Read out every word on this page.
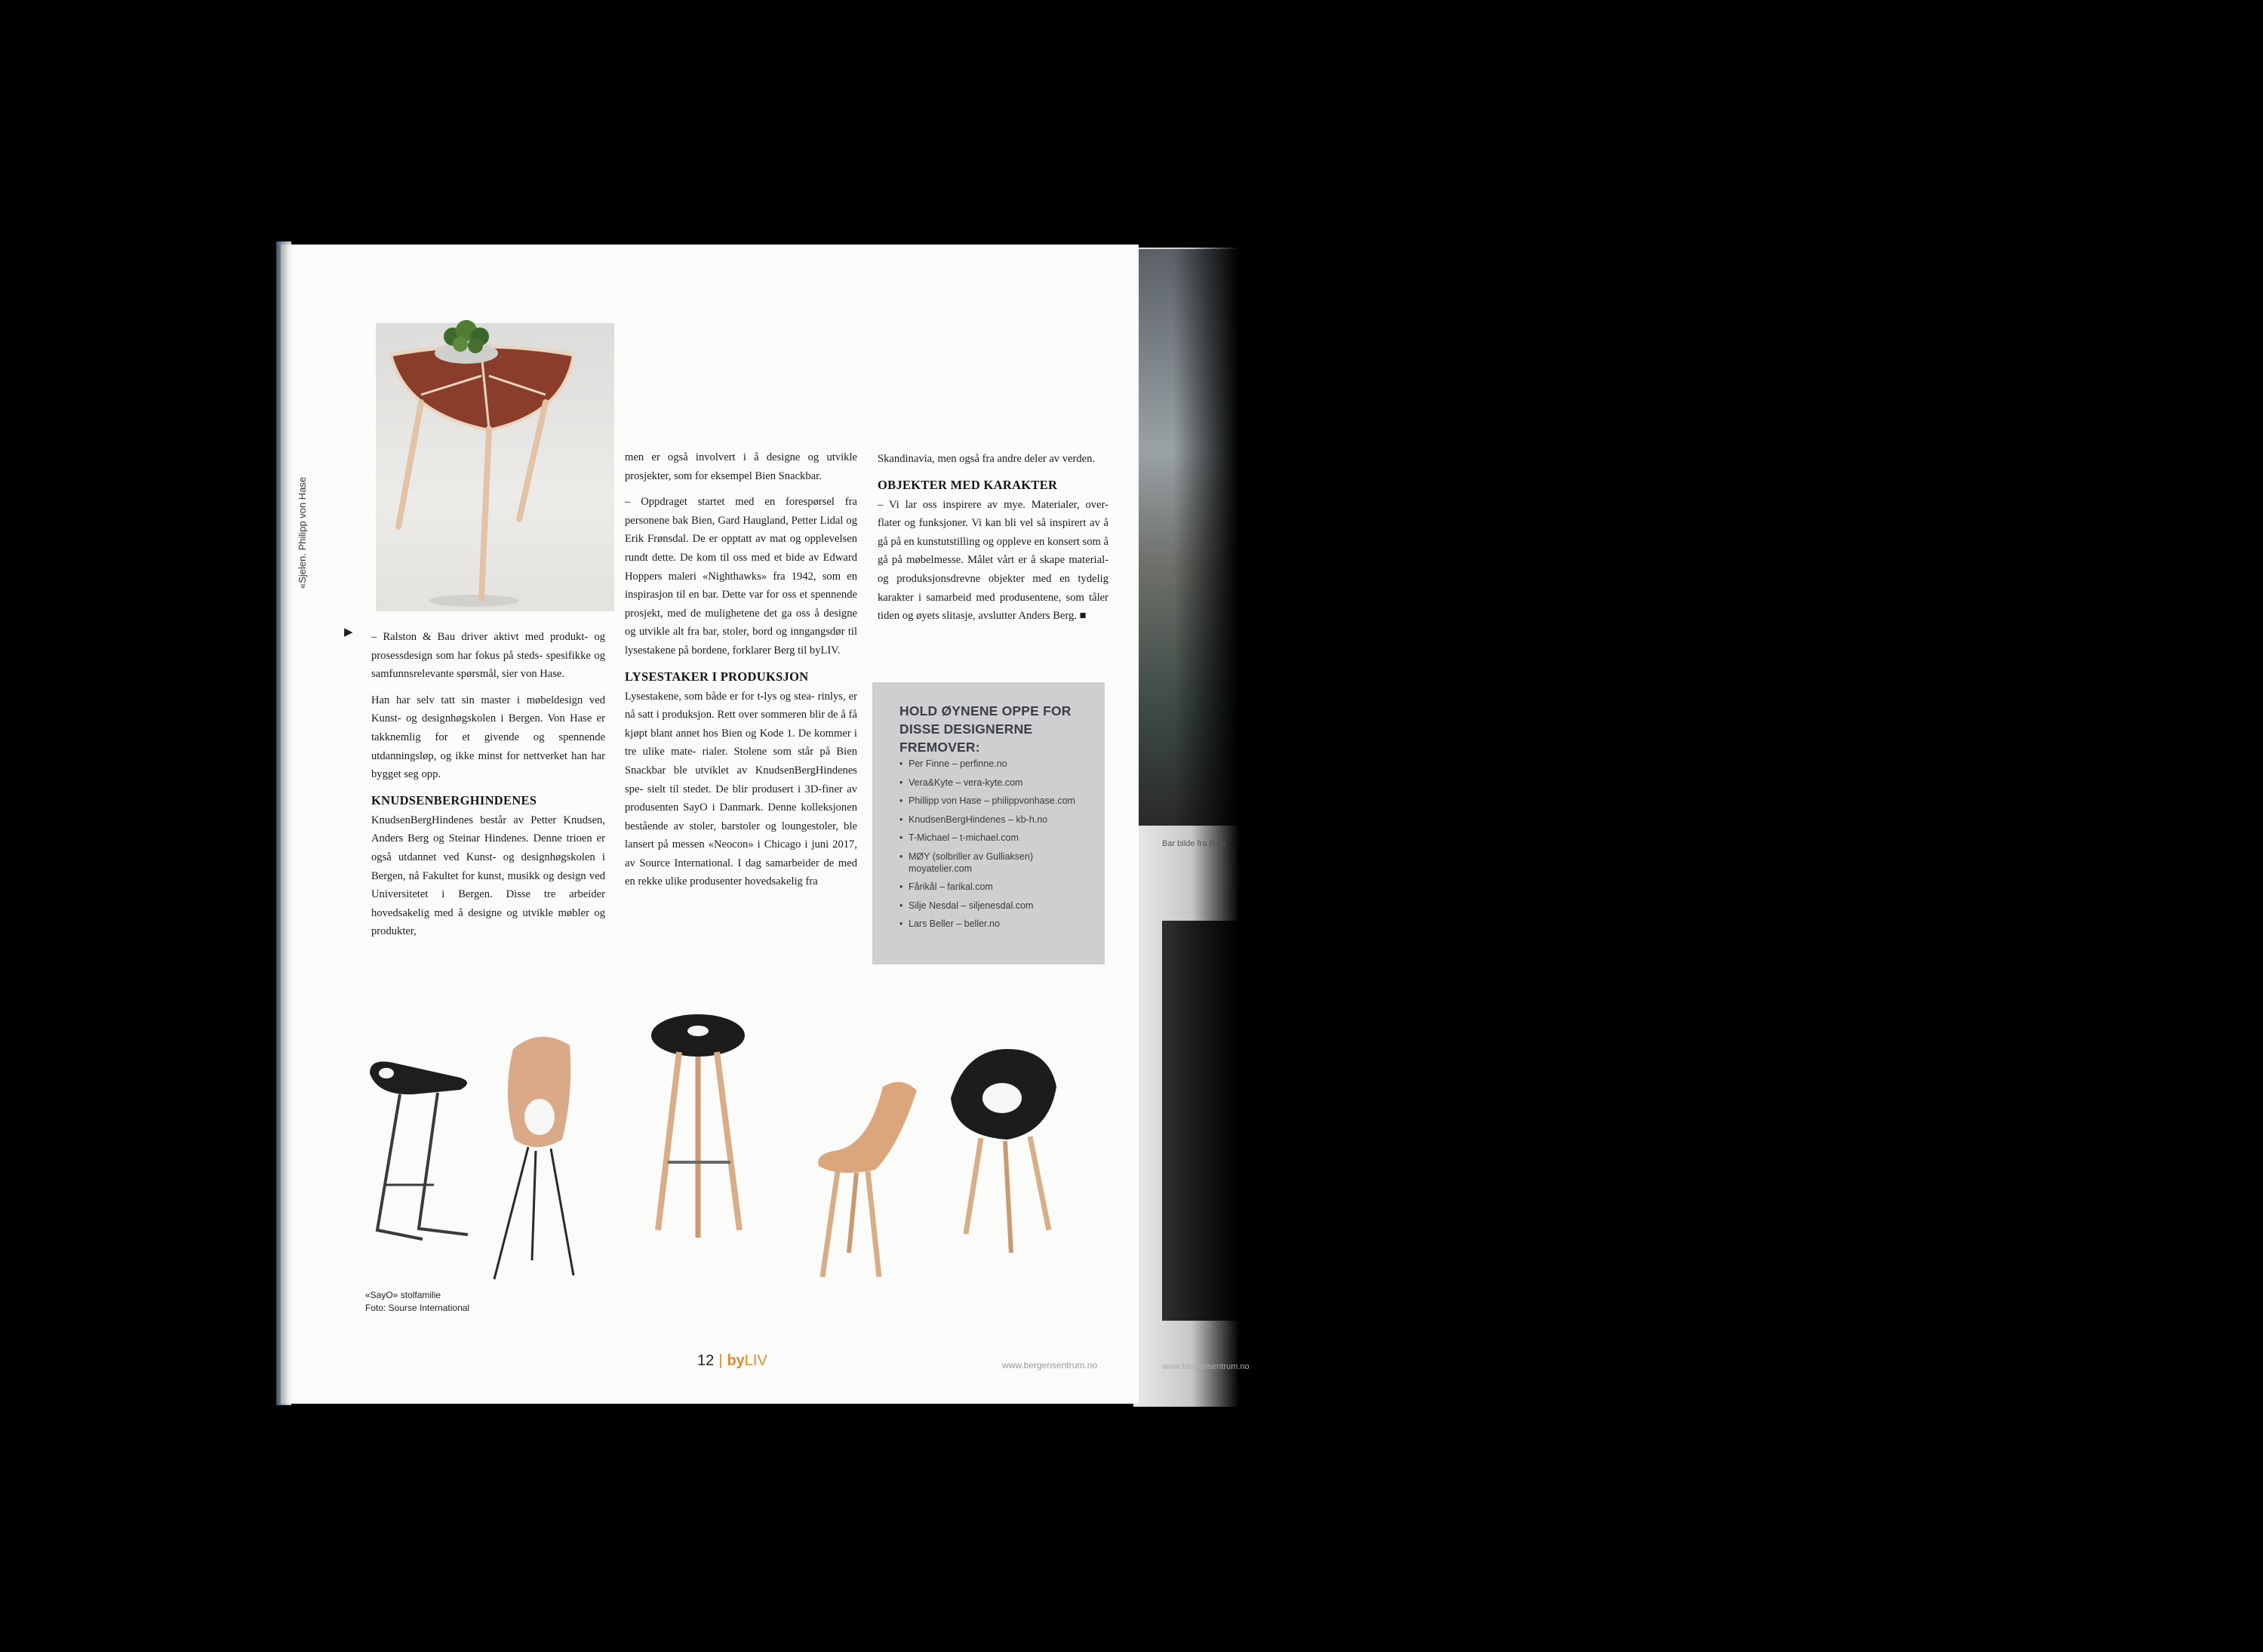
Bar bilde fra Bien
www.bergensentrum.no
«Sjelen. Philipp von Hase
▶	– Ralston & Bau driver aktivt med produkt- og prosessdesign som har fokus på steds- spesifikke og samfunnsrelevante spørsmål, sier von Hase.

Han har selv tatt sin master i møbeldesign ved Kunst- og designhøgskolen i Bergen. Von Hase er takknemlig for et givende og spennende utdanningsløp, og ikke minst for nettverket han har bygget seg opp.

KNUDSENBERGHINDENES

KnudsenBergHindenes består av Petter Knudsen, Anders Berg og Steinar Hindenes. Denne trioen er også utdannet ved Kunst- og designhøgskolen i Bergen, nå Fakultet for kunst, musikk og design ved Universitetet i Bergen. Disse tre arbeider hovedsakelig med å designe og utvikle møbler og produkter,

men er også involvert i å designe og utvikle prosjekter, som for eksempel Bien Snackbar.

– Oppdraget startet med en forespørsel fra personene bak Bien, Gard Haugland, Petter Lidal og Erik Frønsdal. De er opptatt av mat og opplevelsen rundt dette. De kom til oss med et bide av Edward Hoppers maleri «Nighthawks» fra 1942, som en inspirasjon til en bar. Dette var for oss et spennende prosjekt, med de mulighetene det ga oss å designe og utvikle alt fra bar, stoler, bord og inngangsdør til lysestakene på bordene, forklarer Berg til byLIV.

LYSESTAKER I PRODUKSJON

Lysestakene, som både er for t-lys og stea- rinlys, er nå satt i produksjon. Rett over sommeren blir de å få kjøpt blant annet hos Bien og Kode 1. De kommer i tre ulike mate- rialer. Stolene som står på Bien Snackbar ble utviklet av KnudsenBergHindenes spe- sielt til stedet. De blir produsert i 3D-finer av produsenten SayO i Danmark. Denne kolleksjonen bestående av stoler, barstoler og loungestoler, ble lansert på messen «Neocon» i Chicago i juni 2017, av Source International. I dag samarbeider de med en rekke ulike produsenter hovedsakelig fra

Skandinavia, men også fra andre deler av verden.

OBJEKTER MED KARAKTER

– Vi lar oss inspirere av mye. Materialer, over- flater og funksjoner. Vi kan bli vel så inspirert av å gå på en kunstutstilling og oppleve en konsert som å gå på møbelmesse. Målet vårt er å skape material- og produksjonsdrevne objekter med en tydelig karakter i samarbeid med produsentene, som tåler tiden og øyets slitasje, avslutter Anders Berg. ■

HOLD ØYNENE OPPE FOR DISSE DESIGNERNE FREMOVER:
• Per Finne – perfinne.no
• Vera&Kyte – vera-kyte.com
• Phillipp von Hase – philippvonhase.com
• KnudsenBergHindenes – kb-h.no
• T-Michael – t-michael.com
• MØY (solbriller av Gulliaksen) moyatelier.com
• Fårikål – farikal.com
• Silje Nesdal – siljenesdal.com
• Lars Beller – beller.no
«SayO» stolfamilie
Foto: Sourse International
12 | byLIV	www.bergensentrum.no
